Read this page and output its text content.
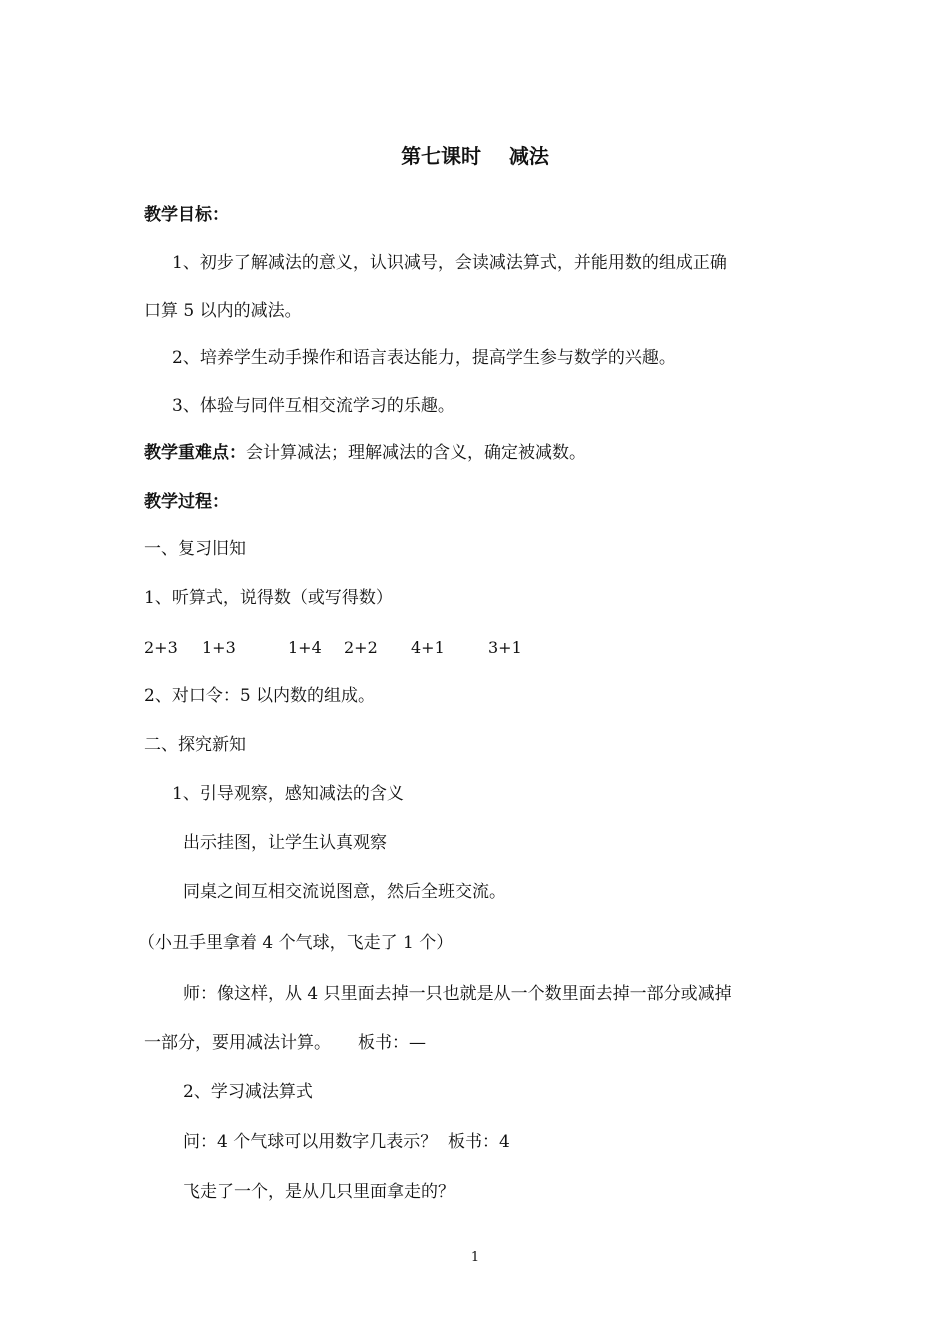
第七课时    减法
教学目标：
1、初步了解减法的意义，认识减号，会读减法算式，并能用数的组成正确
口算 5 以内的减法。
2、培养学生动手操作和语言表达能力，提高学生参与数学的兴趣。
3、体验与同伴互相交流学习的乐趣。
教学重难点：会计算减法；理解减法的含义，确定被减数。
教学过程：
一、复习旧知
1、听算式，说得数（或写得数）
2+3 1+3	1+4 2+2 4+1	3+1
2、对口令：5 以内数的组成。
二、探究新知
1、引导观察，感知减法的含义
出示挂图，让学生认真观察
同桌之间互相交流说图意，然后全班交流。
（小丑手里拿着 4 个气球，飞走了 1 个）
师：像这样，从 4 只里面去掉一只也就是从一个数里面去掉一部分或减掉
一部分，要用减法计算。     板书：—
2、学习减法算式
问：4 个气球可以用数字几表示？  板书：4
飞走了一个，是从几只里面拿走的？
1
